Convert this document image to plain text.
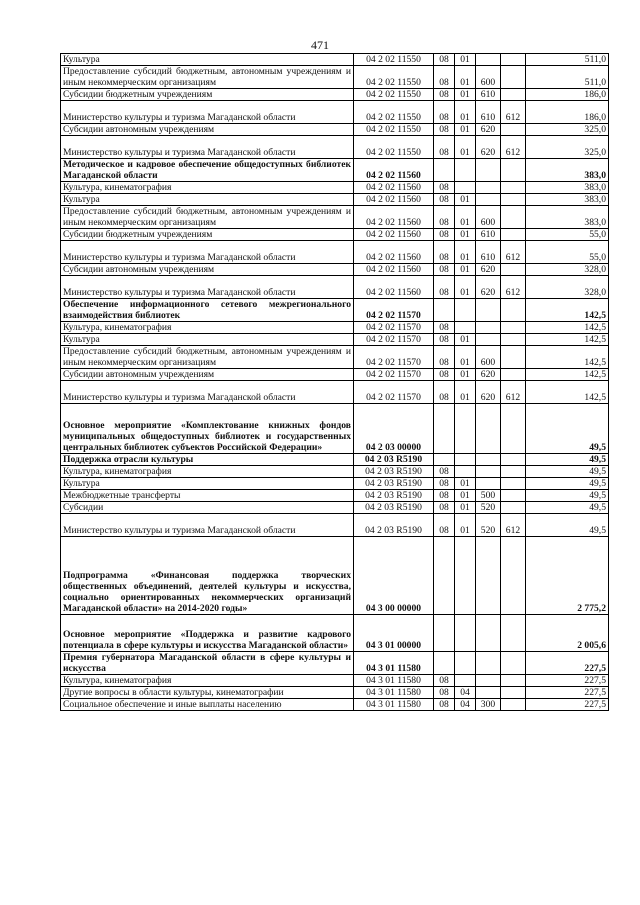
471
Культура	04 2 02 11550	08	01			511,0
Предоставление субсидий бюджетным, автономным учреждениям и иным некоммерческим организациям	04 2 02 11550	08	01	600		511,0
Субсидии бюджетным учреждениям	04 2 02 11550	08	01	610		186,0
Министерство культуры и туризма Магаданской области	04 2 02 11550	08	01	610	612	186,0
Субсидии автономным учреждениям	04 2 02 11550	08	01	620		325,0
Министерство культуры и туризма Магаданской области	04 2 02 11550	08	01	620	612	325,0
Методическое и кадровое обеспечение общедоступных библиотек Магаданской области	04 2 02 11560					383,0
Культура, кинематография	04 2 02 11560	08				383,0
Культура	04 2 02 11560	08	01			383,0
Предоставление субсидий бюджетным, автономным учреждениям и иным некоммерческим организациям	04 2 02 11560	08	01	600		383,0
Субсидии бюджетным учреждениям	04 2 02 11560	08	01	610		55,0
Министерство культуры и туризма Магаданской области	04 2 02 11560	08	01	610	612	55,0
Субсидии автономным учреждениям	04 2 02 11560	08	01	620		328,0
Министерство культуры и туризма Магаданской области	04 2 02 11560	08	01	620	612	328,0
Обеспечение информационного сетевого межрегионального взаимодействия библиотек	04 2 02 11570					142,5
Культура, кинематография	04 2 02 11570	08				142,5
Культура	04 2 02 11570	08	01			142,5
Предоставление субсидий бюджетным, автономным учреждениям и иным некоммерческим организациям	04 2 02 11570	08	01	600		142,5
Субсидии автономным учреждениям	04 2 02 11570	08	01	620		142,5
Министерство культуры и туризма Магаданской области	04 2 02 11570	08	01	620	612	142,5
Основное мероприятие «Комплектование книжных фондов муниципальных общедоступных библиотек и государственных центральных библиотек субъектов Российской Федерации»	04 2 03 00000					49,5
Поддержка отрасли культуры	04 2 03 R5190					49,5
Культура, кинематография	04 2 03 R5190	08				49,5
Культура	04 2 03 R5190	08	01			49,5
Межбюджетные трансферты	04 2 03 R5190	08	01	500		49,5
Субсидии	04 2 03 R5190	08	01	520		49,5
Министерство культуры и туризма Магаданской области	04 2 03 R5190	08	01	520	612	49,5
Подпрограмма «Финансовая поддержка творческих общественных объединений, деятелей культуры и искусства, социально ориентированных некоммерческих организаций Магаданской области» на 2014-2020 годы»	04 3 00 00000					2 775,2
Основное мероприятие «Поддержка и развитие кадрового потенциала в сфере культуры и искусства Магаданской области»	04 3 01 00000					2 005,6
Премия губернатора Магаданской области в сфере культуры и искусства	04 3 01 11580					227,5
Культура, кинематография	04 3 01 11580	08				227,5
Другие вопросы в области культуры, кинематографии	04 3 01 11580	08	04			227,5
Социальное обеспечение и иные выплаты населению	04 3 01 11580	08	04	300		227,5
